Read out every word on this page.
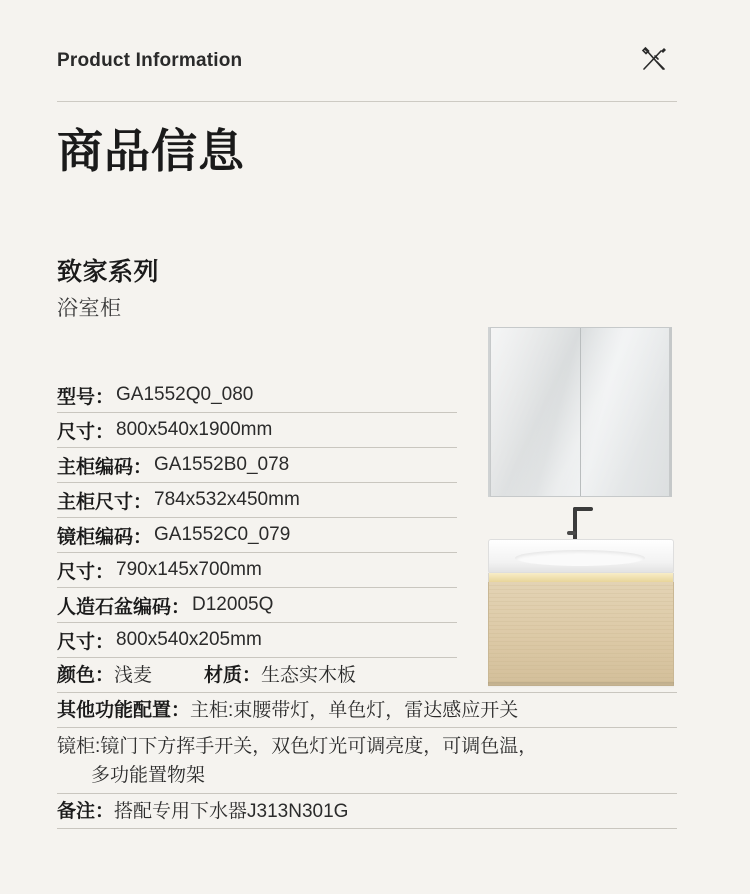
Product Information
商品信息
致家系列
浴室柜
型号： GA1552Q0_080
尺寸： 800x540x1900mm
主柜编码： GA1552B0_078
主柜尺寸： 784x532x450mm
镜柜编码： GA1552C0_079
尺寸： 790x145x700mm
人造石盆编码： D12005Q
尺寸： 800x540x205mm
颜色： 浅麦	材质： 生态实木板
其他功能配置： 主柜:束腰带灯，单色灯，雷达感应开关
镜柜:镜门下方挥手开关，双色灯光可调亮度，可调色温，
多功能置物架
备注： 搭配专用下水器J313N301G
